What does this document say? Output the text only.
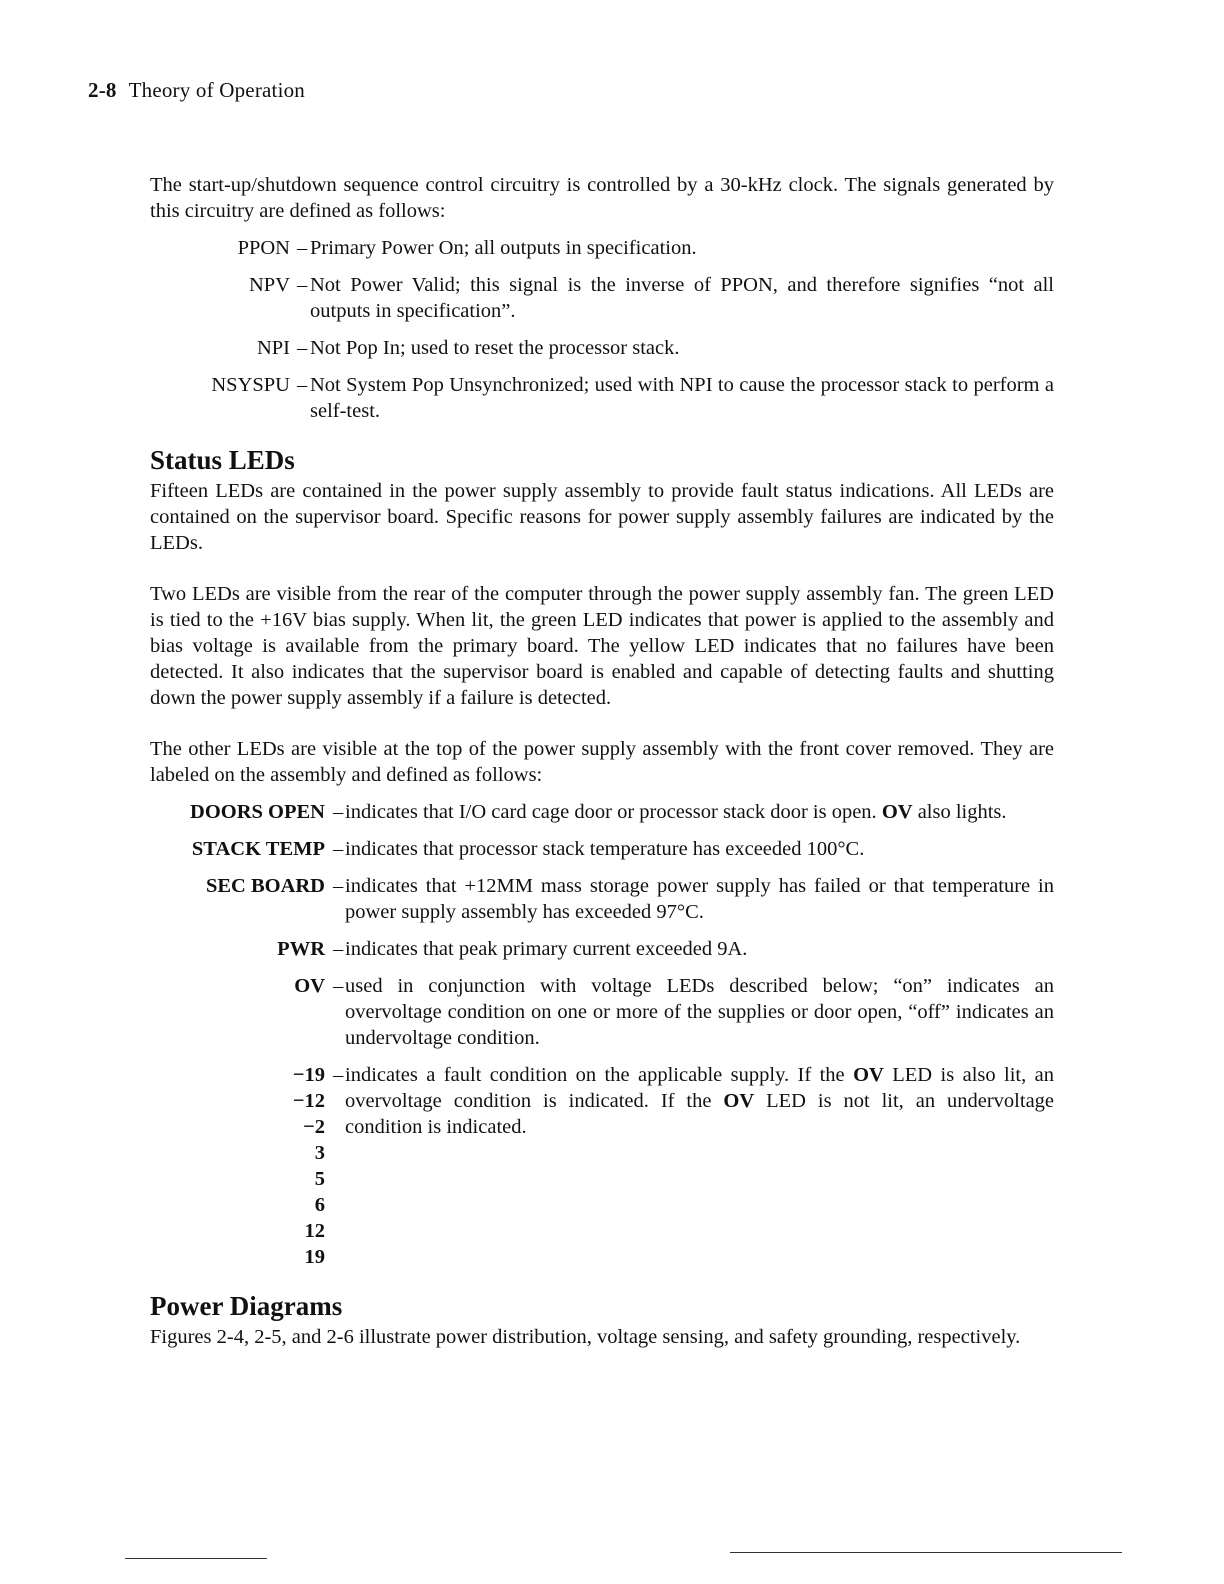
2-8 Theory of Operation

The start-up/shutdown sequence control circuitry is controlled by a 30-kHz clock. The signals generated by this circuitry are defined as follows:

PPON – Primary Power On; all outputs in specification.
NPV – Not Power Valid; this signal is the inverse of PPON, and therefore signifies “not all outputs in specification”.
NPI – Not Pop In; used to reset the processor stack.
NSYSPU – Not System Pop Unsynchronized; used with NPI to cause the processor stack to perform a self-test.
Status LEDs

Fifteen LEDs are contained in the power supply assembly to provide fault status indications. All LEDs are contained on the supervisor board. Specific reasons for power supply assembly failures are indicated by the LEDs.

Two LEDs are visible from the rear of the computer through the power supply assembly fan. The green LED is tied to the +16V bias supply. When lit, the green LED indicates that power is applied to the assembly and bias voltage is available from the primary board. The yellow LED indicates that no failures have been detected. It also indicates that the supervisor board is enabled and capable of detecting faults and shutting down the power supply assembly if a failure is detected.

The other LEDs are visible at the top of the power supply assembly with the front cover removed. They are labeled on the assembly and defined as follows:

DOORS OPEN – indicates that I/O card cage door or processor stack door is open. OV also lights.
STACK TEMP – indicates that processor stack temperature has exceeded 100°C.
SEC BOARD – indicates that +12MM mass storage power supply has failed or that temperature in power supply assembly has exceeded 97°C.
PWR – indicates that peak primary current exceeded 9A.
OV – used in conjunction with voltage LEDs described below; “on” indicates an overvoltage condition on one or more of the supplies or door open, “off” indicates an undervoltage condition.
−19
−12
−2
3
5
6
12
19
– indicates a fault condition on the applicable supply. If the OV LED is also lit, an overvoltage condition is indicated. If the OV LED is not lit, an undervoltage condition is indicated.
Power Diagrams

Figures 2-4, 2-5, and 2-6 illustrate power distribution, voltage sensing, and safety grounding, respectively.
